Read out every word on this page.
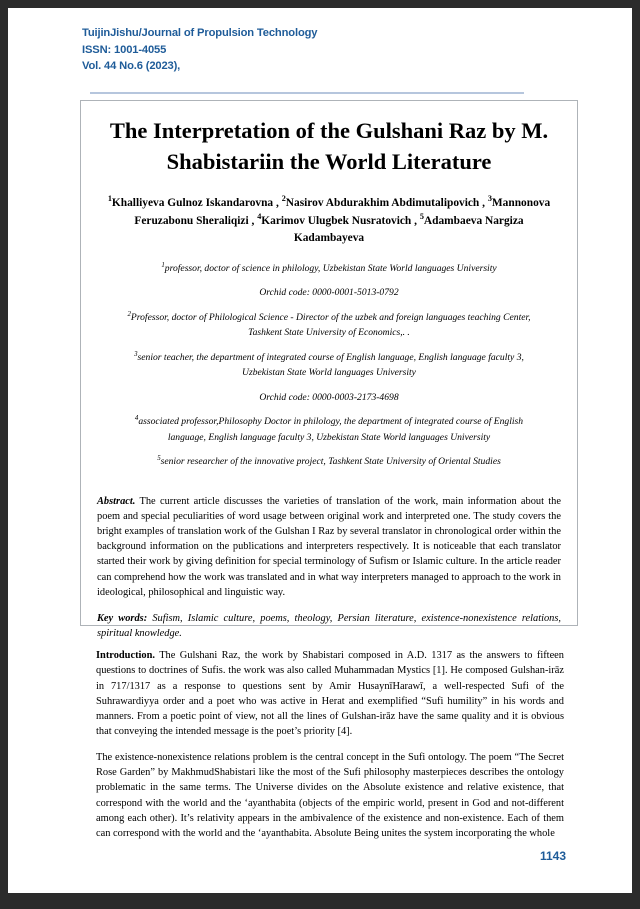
TuijinJishu/Journal of Propulsion Technology
ISSN: 1001-4055
Vol. 44 No.6 (2023),
The Interpretation of the Gulshani Raz by M. Shabistariin the World Literature
$^1$Khalliyeva Gulnoz Iskandarovna , $^2$Nasirov Abdurakhim Abdimutalipovich , $^3$Mannonova Feruzabonu Sheraliqizi , $^4$Karimov Ulugbek Nusratovich , $^5$Adambaeva Nargiza Kadambayeva

$^1$professor, doctor of science in philology, Uzbekistan State World languages University

Orchid code: 0000-0001-5013-0792

$^2$Professor, doctor of Philological Science - Director of the uzbek and foreign languages teaching Center, Tashkent State University of Economics,. .

$^3$senior teacher, the department of integrated course of English language, English language faculty 3, Uzbekistan State World languages University

Orchid code: 0000-0003-2173-4698

$^4$associated professor,Philosophy Doctor in philology, the department of integrated course of English language, English language faculty 3, Uzbekistan State World languages University

$^5$senior researcher of the innovative project, Tashkent State University of Oriental Studies

Abstract. The current article discusses the varieties of translation of the work, main information about the poem and special peculiarities of word usage between original work and interpreted one. The study covers the bright examples of translation work of the Gulshan I Raz by several translator in chronological order within the background information on the publications and interpreters respectively. It is noticeable that each translator started their work by giving definition for special terminology of Sufism or Islamic culture. In the article reader can comprehend how the work was translated and in what way interpreters managed to approach to the work in ideological, philosophical and linguistic way.

Key words: Sufism, Islamic culture, poems, theology, Persian literature, existence-nonexistence relations, spiritual knowledge.

Introduction. The Gulshani Raz, the work by Shabistari composed in A.D. 1317 as the answers to fifteen questions to doctrines of Sufis. the work was also called Muhammadan Mystics [1]. He composed Gulshan-irāz in 717/1317 as a response to questions sent by Amir HusaynīHarawī, a well-respected Sufi of the Suhrawardiyya order and a poet who was active in Herat and exemplified “Sufi humility” in his words and manners. From a poetic point of view, not all the lines of Gulshan-irāz have the same quality and it is obvious that conveying the intended message is the poet’s priority [4].

The existence-nonexistence relations problem is the central concept in the Sufi ontology. The poem “The Secret Rose Garden” by MakhmudShabistari like the most of the Sufi philosophy masterpieces describes the ontology problematic in the same terms. The Universe divides on the Absolute existence and relative existence, that correspond with the world and the ‘ayanthabita (objects of the empiric world, present in God and not-different among each other). It’s relativity appears in the ambivalence of the existence and non-existence. Each of them can correspond with the world and the ‘ayanthabita. Absolute Being unites the system incorporating the whole

1143
